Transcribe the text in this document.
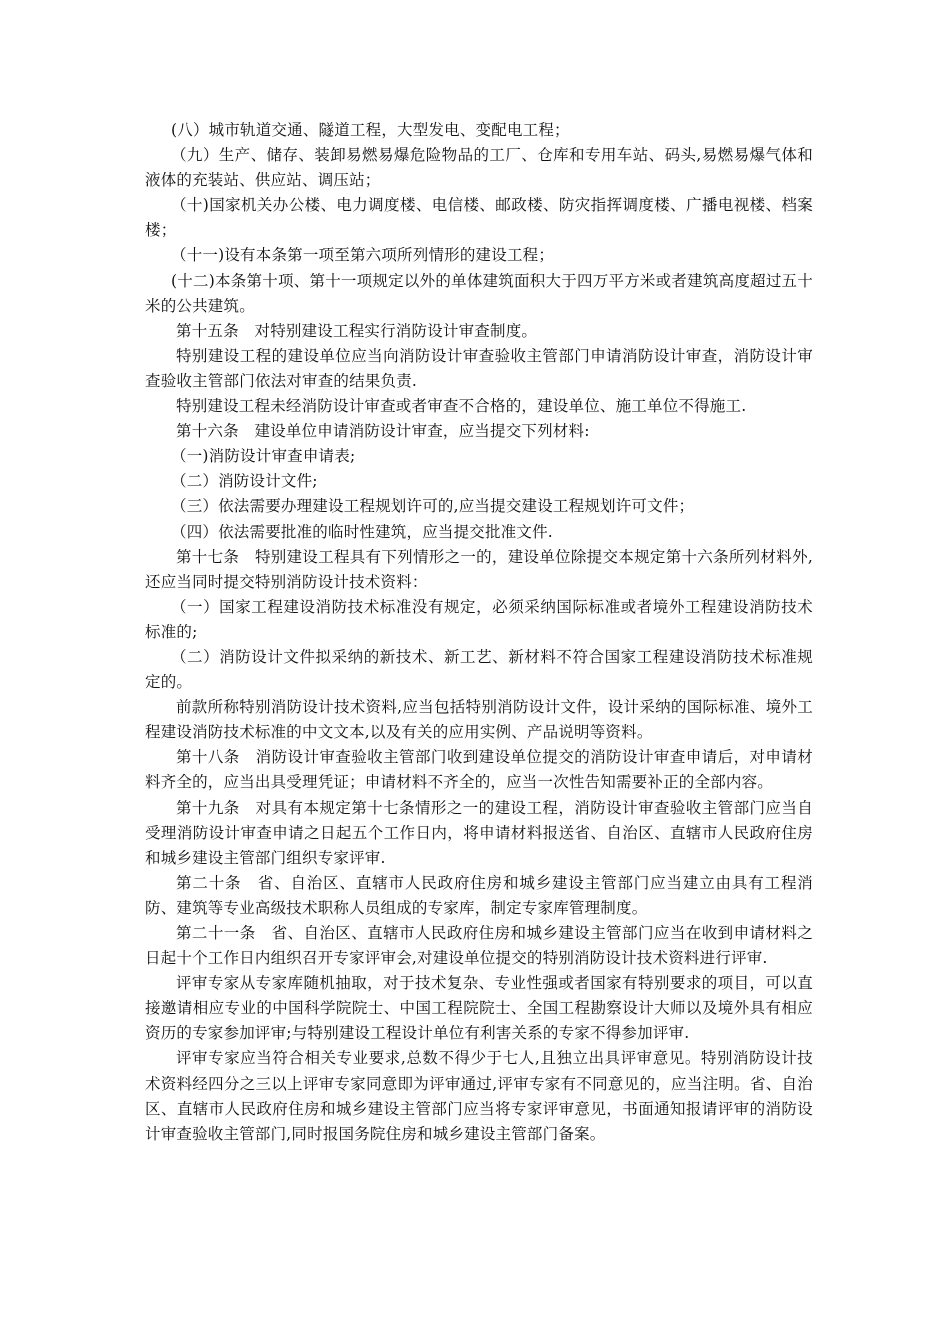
(八）城市轨道交通、隧道工程，大型发电、变配电工程；

（九）生产、储存、装卸易燃易爆危险物品的工厂、仓库和专用车站、码头,易燃易爆气体和液体的充装站、供应站、调压站；

（十)国家机关办公楼、电力调度楼、电信楼、邮政楼、防灾指挥调度楼、广播电视楼、档案楼；

（十一)设有本条第一项至第六项所列情形的建设工程；

(十二)本条第十项、第十一项规定以外的单体建筑面积大于四万平方米或者建筑高度超过五十米的公共建筑。

第十五条　对特别建设工程实行消防设计审查制度。

特别建设工程的建设单位应当向消防设计审查验收主管部门申请消防设计审查，消防设计审查验收主管部门依法对审查的结果负责.

特别建设工程未经消防设计审查或者审查不合格的，建设单位、施工单位不得施工.

第十六条　建设单位申请消防设计审查，应当提交下列材料:

（一)消防设计审查申请表;

（二）消防设计文件;

（三）依法需要办理建设工程规划许可的,应当提交建设工程规划许可文件；

（四）依法需要批准的临时性建筑，应当提交批准文件.

第十七条　特别建设工程具有下列情形之一的，建设单位除提交本规定第十六条所列材料外,还应当同时提交特别消防设计技术资料：

（一）国家工程建设消防技术标准没有规定，必须采纳国际标准或者境外工程建设消防技术标准的;

（二）消防设计文件拟采纳的新技术、新工艺、新材料不符合国家工程建设消防技术标准规定的。

前款所称特别消防设计技术资料,应当包括特别消防设计文件，设计采纳的国际标准、境外工程建设消防技术标准的中文文本,以及有关的应用实例、产品说明等资料。

第十八条　消防设计审查验收主管部门收到建设单位提交的消防设计审查申请后，对申请材料齐全的，应当出具受理凭证；申请材料不齐全的，应当一次性告知需要补正的全部内容。

第十九条　对具有本规定第十七条情形之一的建设工程，消防设计审查验收主管部门应当自受理消防设计审查申请之日起五个工作日内，将申请材料报送省、自治区、直辖市人民政府住房和城乡建设主管部门组织专家评审.

第二十条　省、自治区、直辖市人民政府住房和城乡建设主管部门应当建立由具有工程消防、建筑等专业高级技术职称人员组成的专家库，制定专家库管理制度。

第二十一条　省、自治区、直辖市人民政府住房和城乡建设主管部门应当在收到申请材料之日起十个工作日内组织召开专家评审会,对建设单位提交的特别消防设计技术资料进行评审.

评审专家从专家库随机抽取，对于技术复杂、专业性强或者国家有特别要求的项目，可以直接邀请相应专业的中国科学院院士、中国工程院院士、全国工程勘察设计大师以及境外具有相应资历的专家参加评审;与特别建设工程设计单位有利害关系的专家不得参加评审.

评审专家应当符合相关专业要求,总数不得少于七人,且独立出具评审意见。特别消防设计技术资料经四分之三以上评审专家同意即为评审通过,评审专家有不同意见的，应当注明。省、自治区、直辖市人民政府住房和城乡建设主管部门应当将专家评审意见，书面通知报请评审的消防设计审查验收主管部门,同时报国务院住房和城乡建设主管部门备案。
